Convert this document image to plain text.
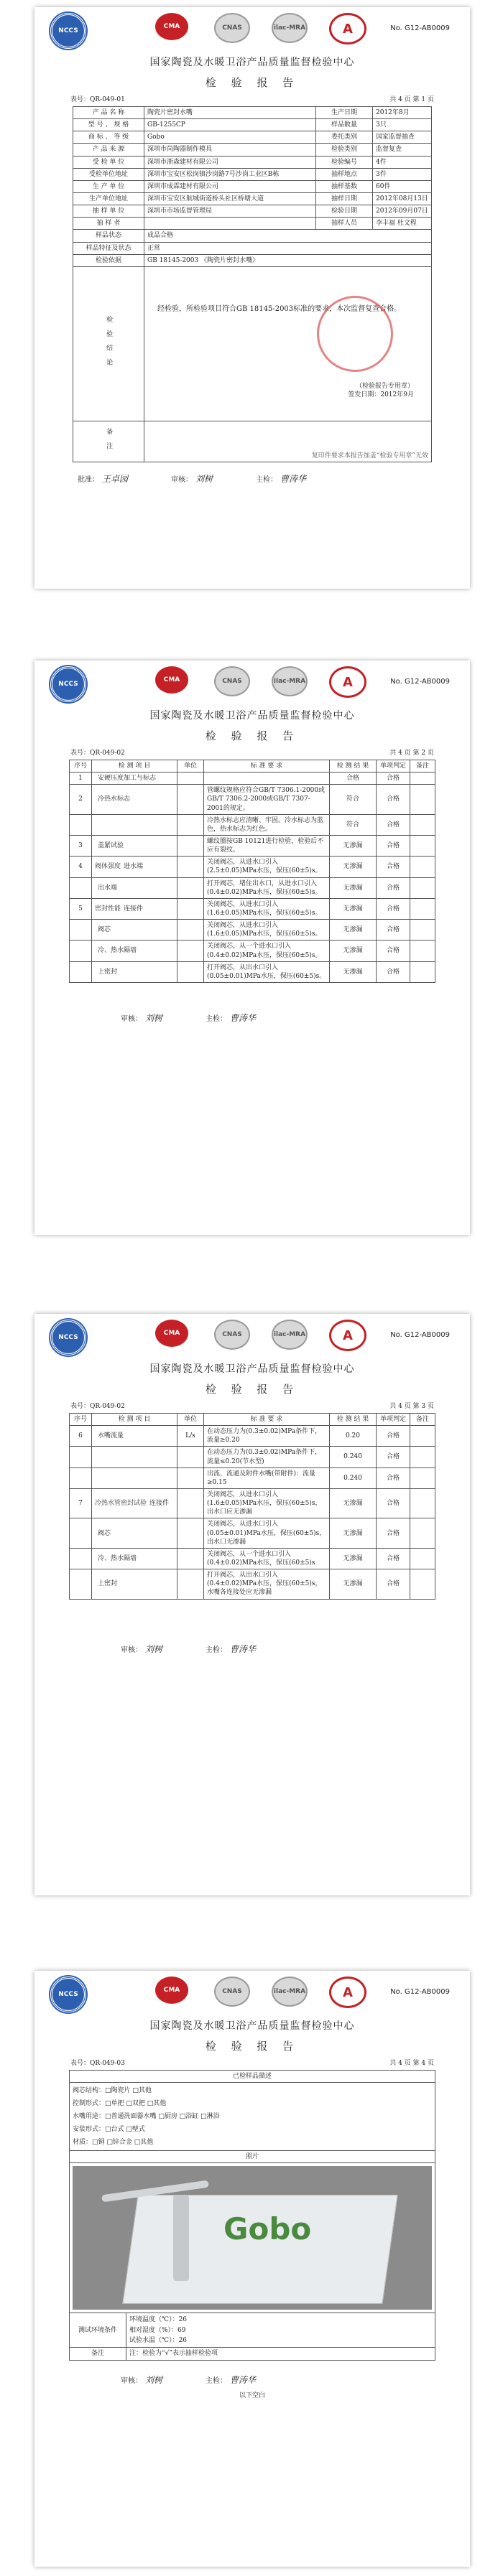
NCCS
CMA	CNAS	ilac-MRA	A	No. G12-AB0009
国家陶瓷及水暖卫浴产品质量监督检验中心
检 验 报 告
表号：QR-049-01	共 4 页 第 1 页
产 品 名 称	陶瓷片密封水嘴	生产日期	2012年8月
型 号 、 规 格	GB-1255CP	样品数量	3只
商 标 、 等 级	Gobo	委托类别	国家监督抽查
产 品 来 源	深圳市尚陶器制作模具	检验类别	监督复查
受 检 单 位	深圳市浙森建材有限公司	检验编号	4件
受检单位地址	深圳市宝安区松岗镇沙岗路7号沙岗工业区B栋	抽样地点	3件
生 产 单 位	深圳市成霖建材有限公司	抽样基数	60件
生产单位地址	深圳市宝安区航城街道桥头社区桥塘大道	抽样日期	2012年08月13日
抽 样 单 位	深圳市市场监督管理局	检验日期	2012年09月07日
抽 样 者		抽样人员	李丰福 杜文程
样品状态	成品合格		
样品特征及状态	正常		
检验依据	GB 18145-2003 《陶瓷片密封水嘴》		
检 验 结 论	经检验，所检验项目符合GB 18145-2003标准的要求，本次监督复查合格。
（检验报告专用章）
签发日期：2012年9月		

备 注	复印件要求本报告加盖“检验专用章”无效		
批准： 王卓园	审核： 刘树	主检： 曹涛华
NCCS
CMA	CNAS	ilac-MRA	A	No. G12-AB0009
国家陶瓷及水暖卫浴产品质量监督检验中心
检 验 报 告
表号：QR-049-02	共 4 页 第 2 页
序号	检 测 项 目	单位	标 准 要 求	检 测 结 果	单项判定	备注
1	安硬压度加工与标志			合格	合格	
2	冷热水标志		管螺纹规格应符合GB/T 7306.1-2000或GB/T 7306.2-2000或GB/T 7307-2001的规定。	符合	合格	
			冷热水标志应清晰、牢固。冷水标志为蓝色，热水标志为红色。	符合	合格	
3	盖紧试验		螺纹圈按GB 10121进行检验，检验后不应有裂纹。	无渗漏	合格	
4	阀体强度 进水端		关闭阀芯，从进水口引入(2.5±0.05)MPa水压，保压(60±5)s。	无渗漏	合格	
	出水端		打开阀芯，堵住出水口，从进水口引入(0.4±0.02)MPa水压，保压(60±5)s。	无渗漏	合格	
5	密封性能 连接件		关闭阀芯，从进水口引入(1.6±0.05)MPa水压，保压(60±5)s。	无渗漏	合格	
	阀芯		关闭阀芯，从进水口引入(1.6±0.05)MPa水压，保压(60±5)s。	无渗漏	合格	
	冷、热水隔墙		关闭阀芯，从一个进水口引入(0.4±0.02)MPa水压，保压(60±5)s。	无渗漏	合格	
	上密封		打开阀芯，从出水口引入(0.05±0.01)MPa水压，保压(60±5)s。	无渗漏	合格	
审核： 刘树	主检： 曹涛华
NCCS
CMA	CNAS	ilac-MRA	A	No. G12-AB0009
国家陶瓷及水暖卫浴产品质量监督检验中心
检 验 报 告
表号：QR-049-02	共 4 页 第 3 页
序号	检 测 项 目	单位	标 准 要 求	检 测 结 果	单项判定	备注
6	水嘴流量	L/s	在动态压力为(0.3±0.02)MPa条件下，流量≥0.20	0.20	合格	
			在动态压力为(0.3±0.02)MPa条件下，流量≤0.20(节水型)	0.240	合格	
			出流、流通及附件水嘴(带附件)：流量≥0.15	0.240	合格	
7	冷热水管密封试验 连接件		关闭阀芯，从进水口引入(1.6±0.05)MPa水压，保压(60±5)s，出水口应无渗漏	无渗漏	合格	
	阀芯		关闭阀芯，从进水口引入(0.05±0.01)MPa水压，保压(60±5)s，出水口无渗漏	无渗漏	合格	
	冷、热水隔墙		关闭阀芯，从一个进水口引入(0.4±0.02)MPa水压，保压(60±5)s	无渗漏	合格	
	上密封		打开阀芯，从出水口引入(0.4±0.02)MPa水压，保压(60±5)s，水嘴各连接处应无渗漏	无渗漏	合格	
审核： 刘树	主检： 曹涛华
NCCS
CMA	CNAS	ilac-MRA	A	No. G12-AB0009
国家陶瓷及水暖卫浴产品质量监督检验中心
检 验 报 告
表号：QR-049-03	共 4 页 第 4 页
已检样品描述	

阀芯结构：□陶瓷片 □其他
控制形式：□单把 □双把 □其他
水嘴用途：□普通洗面器水嘴 □厨房 □浴缸 □淋浴
安装形式：□台式 □壁式
材质：□铜 □锌合金 □其他	

照片	

Gobo	

测试环境条件	环境温度（℃）：26
相对湿度（%）：69
试验水温（℃）：26

备注	注：检验为“√”表示抽样检验项
审核： 刘树	主检： 曹涛华
以下空白
